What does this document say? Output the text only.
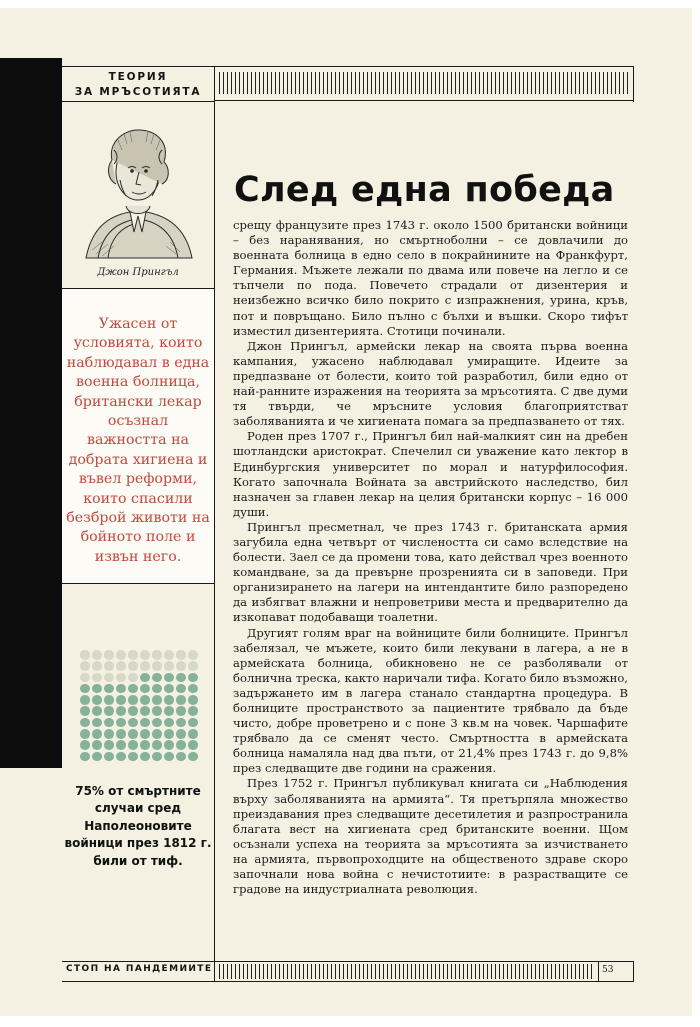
ТЕОРИЯ
ЗА МРЪСОТИЯТА
Джон Прингъл
Ужасен от условията, които наблюдавал в една военна болница, британски лекар осъзнал важността на добрата хигиена и въвел реформи, които спасили безброй животи на бойното поле и извън него.
75% от смъртните случаи сред Наполеоновите войници през 1812 г. били от тиф.
След една победа

срещу французите през 1743 г. около 1500 британски войници – без наранявания, но смъртноболни – се довлачили до военната болница в едно село в покрайнините на Франкфурт, Германия. Мъжете лежали по двама или повече на легло и се тъпчели по пода. Повечето страдали от дизентерия и неизбежно всичко било покрито с изпражнения, урина, кръв, пот и повръщано. Било пълно с бълхи и въшки. Скоро тифът изместил дизентерията. Стотици починали.

Джон Прингъл, армейски лекар на своята първа военна кампания, ужасено наблюдавал умиращите. Идеите за предпазване от болести, които той разработил, били едно от най-ранните изражения на теорията за мръсотията. С две думи тя твърди, че мръсните условия благоприятстват заболяванията и че хигиената помага за предпазването от тях.

Роден през 1707 г., Прингъл бил най-малкият син на дребен шотландски аристократ. Спечелил си уважение като лектор в Единбургския университет по морал и натурфилософия. Когато започнала Войната за австрийското наследство, бил назначен за главен лекар на целия британски корпус – 16 000 души.

Прингъл пресметнал, че през 1743 г. британската армия загубила една четвърт от числеността си само вследствие на болести. Заел се да промени това, като действал чрез военното командване, за да превърне прозренията си в заповеди. При организирането на лагери на интендантите било разпоредено да избягват влажни и непроветриви места и предварително да изкопават подобаващи тоалетни.

Другият голям враг на войниците били болниците. Прингъл забелязал, че мъжете, които били лекувани в лагера, а не в армейската болница, обикновено не се разболявали от болнична треска, както наричали тифа. Когато било възможно, задържането им в лагера станало стандартна процедура. В болниците пространството за пациентите трябвало да бъде чисто, добре проветрено и с поне 3 кв.м на човек. Чаршафите трябвало да се сменят често. Смъртността в армейската болница намаляла над два пъти, от 21,4% през 1743 г. до 9,8% през следващите две години на сражения.

През 1752 г. Прингъл публикувал книгата си „Наблюдения върху заболяванията на армията“. Тя претърпяла множество преиздавания през следващите десетилетия и разпространила благата вест на хигиената сред британските военни. Щом осъзнали успеха на теорията за мръсотията за изчистването на армията, първопроходците на общественото здраве скоро започнали нова война с нечистотиите: в разрастващите се градове на индустриалната революция.

СТОП НА ПАНДЕМИИТЕ	53
